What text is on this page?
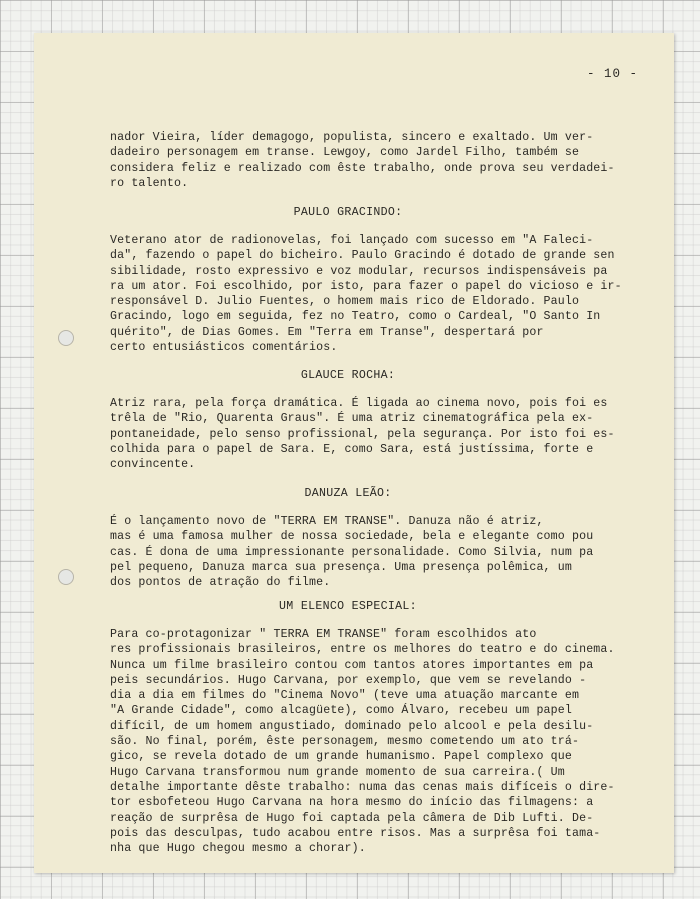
- 10 -

nador Vieira, líder demagogo, populista, sincero e exaltado. Um ver-

dadeiro personagem em transe. Lewgoy, como Jardel Filho, também se

considera feliz e realizado com êste trabalho, onde prova seu verdadei-

ro talento.

PAULO GRACINDO:

Veterano ator de radionovelas, foi lançado com sucesso em "A Faleci-

da", fazendo o papel do bicheiro. Paulo Gracindo é dotado de grande sen

sibilidade, rosto expressivo e voz modular, recursos indispensáveis pa

ra um ator. Foi escolhido, por isto, para fazer o papel do vicioso e ir-

responsável D. Julio Fuentes, o homem mais rico de Eldorado. Paulo

Gracindo, logo em seguida, fez no Teatro, como o Cardeal, "O Santo In

quérito", de Dias Gomes. Em "Terra em Transe", despertará por

certo entusiásticos comentários.

GLAUCE ROCHA:

Atriz rara, pela força dramática. É ligada ao cinema novo, pois foi es

trêla de "Rio, Quarenta Graus". É uma atriz cinematográfica pela ex-

pontaneidade, pelo senso profissional, pela segurança. Por isto foi es-

colhida para o papel de Sara. E, como Sara, está justíssima, forte e

convincente.

DANUZA LEÃO:

É o lançamento novo de "TERRA EM TRANSE". Danuza não é atriz,

mas é uma famosa mulher de nossa sociedade, bela e elegante como pou

cas. É dona de uma impressionante personalidade. Como Silvia, num pa

pel pequeno, Danuza marca sua presença. Uma presença polêmica, um

dos pontos de atração do filme.

UM ELENCO ESPECIAL:

Para co-protagonizar " TERRA EM TRANSE" foram escolhidos ato

res profissionais brasileiros, entre os melhores do teatro e do cinema.

Nunca um filme brasileiro contou com tantos atores importantes em pa

peis secundários. Hugo Carvana, por exemplo, que vem se revelando -

dia a dia em filmes do "Cinema Novo" (teve uma atuação marcante em

"A Grande Cidade", como alcagüete), como Álvaro, recebeu um papel

difícil, de um homem angustiado, dominado pelo alcool e pela desilu-

são. No final, porém, êste personagem, mesmo cometendo um ato trá-

gico, se revela dotado de um grande humanismo. Papel complexo que

Hugo Carvana transformou num grande momento de sua carreira.( Um

detalhe importante dêste trabalho: numa das cenas mais difíceis o dire-

tor esbofeteou Hugo Carvana na hora mesmo do início das filmagens: a

reação de surprêsa de Hugo foi captada pela câmera de Dib Lufti. De-

pois das desculpas, tudo acabou entre risos. Mas a surprêsa foi tama-

nha que Hugo chegou mesmo a chorar).
